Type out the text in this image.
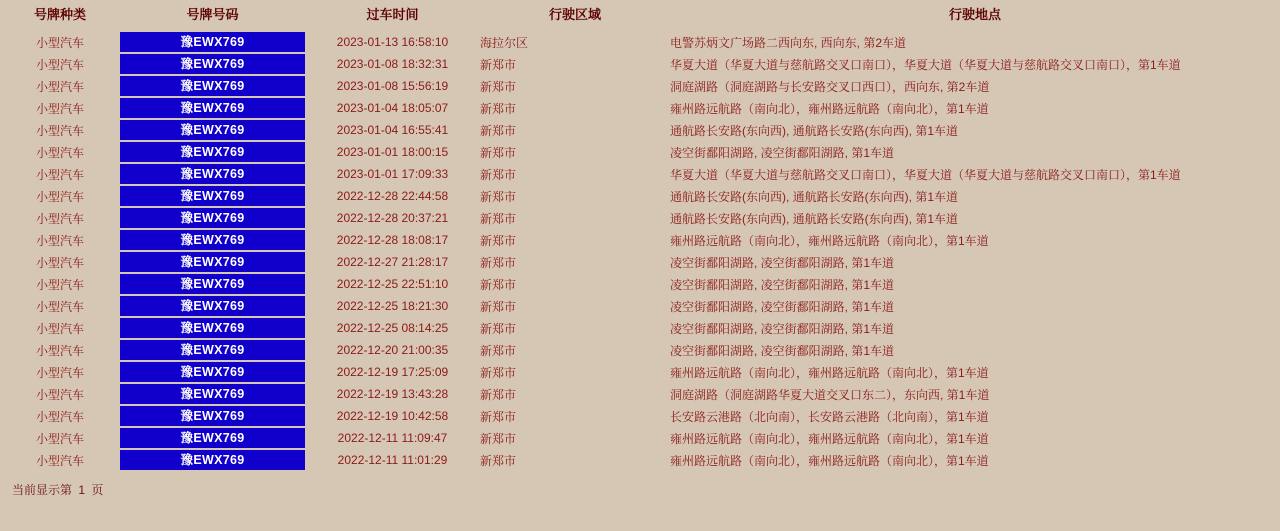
号牌种类	号牌号码	过车时间	行驶区域	行驶地点
小型汽车	豫EWX769	2023-01-13 16:58:10	海拉尔区	电警苏炳文广场路二西向东, 西向东, 第2车道
小型汽车	豫EWX769	2023-01-08 18:32:31	新郑市	华夏大道（华夏大道与慈航路交叉口南口），华夏大道（华夏大道与慈航路交叉口南口），第1车道
小型汽车	豫EWX769	2023-01-08 15:56:19	新郑市	洞庭湖路（洞庭湖路与长安路交叉口西口），西向东, 第2车道
小型汽车	豫EWX769	2023-01-04 18:05:07	新郑市	雍州路远航路（南向北），雍州路远航路（南向北），第1车道
小型汽车	豫EWX769	2023-01-04 16:55:41	新郑市	通航路长安路(东向西), 通航路长安路(东向西), 第1车道
小型汽车	豫EWX769	2023-01-01 18:00:15	新郑市	凌空街鄱阳湖路, 凌空街鄱阳湖路, 第1车道
小型汽车	豫EWX769	2023-01-01 17:09:33	新郑市	华夏大道（华夏大道与慈航路交叉口南口），华夏大道（华夏大道与慈航路交叉口南口），第1车道
小型汽车	豫EWX769	2022-12-28 22:44:58	新郑市	通航路长安路(东向西), 通航路长安路(东向西), 第1车道
小型汽车	豫EWX769	2022-12-28 20:37:21	新郑市	通航路长安路(东向西), 通航路长安路(东向西), 第1车道
小型汽车	豫EWX769	2022-12-28 18:08:17	新郑市	雍州路远航路（南向北），雍州路远航路（南向北），第1车道
小型汽车	豫EWX769	2022-12-27 21:28:17	新郑市	凌空街鄱阳湖路, 凌空街鄱阳湖路, 第1车道
小型汽车	豫EWX769	2022-12-25 22:51:10	新郑市	凌空街鄱阳湖路, 凌空街鄱阳湖路, 第1车道
小型汽车	豫EWX769	2022-12-25 18:21:30	新郑市	凌空街鄱阳湖路, 凌空街鄱阳湖路, 第1车道
小型汽车	豫EWX769	2022-12-25 08:14:25	新郑市	凌空街鄱阳湖路, 凌空街鄱阳湖路, 第1车道
小型汽车	豫EWX769	2022-12-20 21:00:35	新郑市	凌空街鄱阳湖路, 凌空街鄱阳湖路, 第1车道
小型汽车	豫EWX769	2022-12-19 17:25:09	新郑市	雍州路远航路（南向北），雍州路远航路（南向北），第1车道
小型汽车	豫EWX769	2022-12-19 13:43:28	新郑市	洞庭湖路（洞庭湖路华夏大道交叉口东二），东向西, 第1车道
小型汽车	豫EWX769	2022-12-19 10:42:58	新郑市	长安路云港路（北向南），长安路云港路（北向南），第1车道
小型汽车	豫EWX769	2022-12-11 11:09:47	新郑市	雍州路远航路（南向北），雍州路远航路（南向北），第1车道
小型汽车	豫EWX769	2022-12-11 11:01:29	新郑市	雍州路远航路（南向北），雍州路远航路（南向北），第1车道
当前显示第 1 页
